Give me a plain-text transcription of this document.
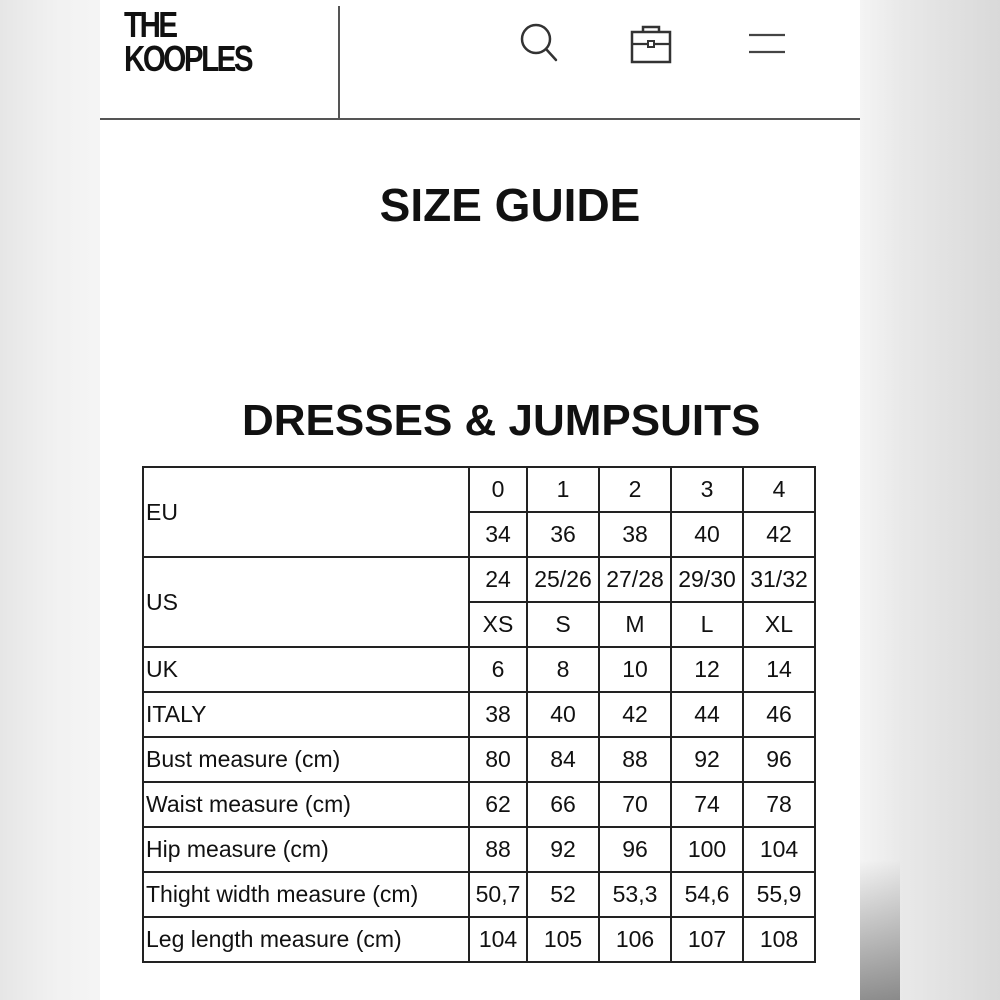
THE
KOOPLES
SIZE GUIDE
DRESSES & JUMPSUITS
EU	0	1	2	3	4
	34	36	38	40	42
US	24	25/26	27/28	29/30	31/32
	XS	S	M	L	XL
UK	6	8	10	12	14
ITALY	38	40	42	44	46
Bust measure (cm)	80	84	88	92	96
Waist measure (cm)	62	66	70	74	78
Hip measure (cm)	88	92	96	100	104
Thight width measure (cm)	50,7	52	53,3	54,6	55,9
Leg length measure (cm)	104	105	106	107	108
